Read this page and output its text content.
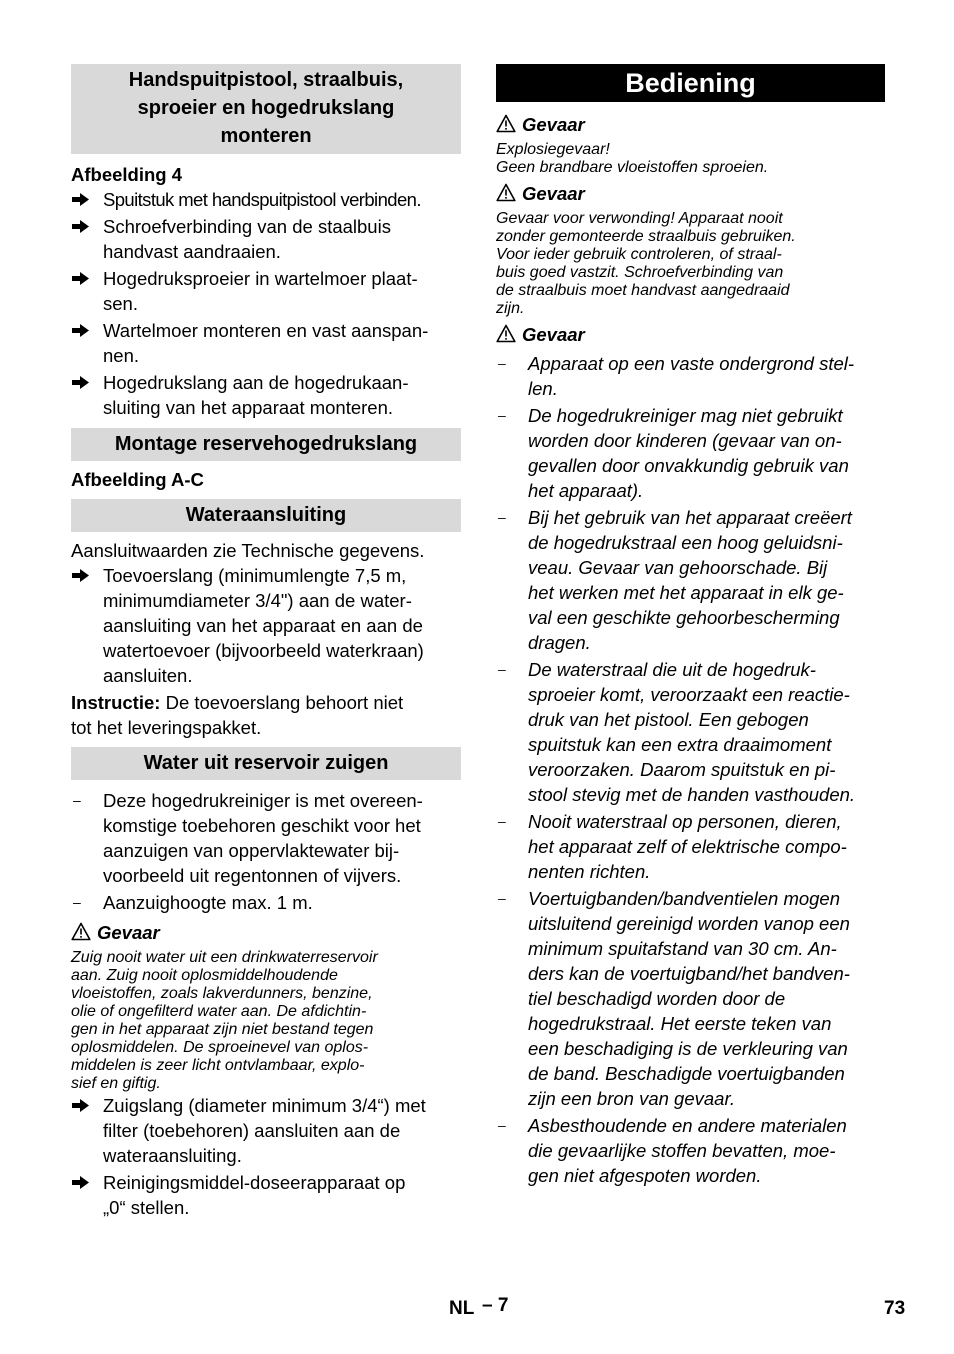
Handspuitpistool, straalbuis,
sproeier en hogedrukslang
monteren
Afbeelding 4
Spuitstuk met handspuitpistool verbinden.
Schroefverbinding van de staalbuis
handvast aandraaien.
Hogedruksproeier in wartelmoer plaat-
sen.
Wartelmoer monteren en vast aanspan-
nen.
Hogedrukslang aan de hogedrukaan-
sluiting van het apparaat monteren.
Montage reservehogedrukslang
Afbeelding A-C
Wateraansluiting

Aansluitwaarden zie Technische gegevens.

Toevoerslang (minimumlengte 7,5 m,
minimumdiameter 3/4") aan de water-
aansluiting van het apparaat en aan de
watertoevoer (bijvoorbeeld waterkraan)
aansluiten.

Instructie: De toevoerslang behoort niet

tot het leveringspakket.

Water uit reservoir zuigen
–	Deze hogedrukreiniger is met overeen-
komstige toebehoren geschikt voor het
aanzuigen van oppervlaktewater bij-
voorbeeld uit regentonnen of vijvers.
–	Aanzuighoogte max. 1 m.
Gevaar
Zuig nooit water uit een drinkwaterreservoir
aan. Zuig nooit oplosmiddelhoudende
vloeistoffen, zoals lakverdunners, benzine,
olie of ongefilterd water aan. De afdichtin-
gen in het apparaat zijn niet bestand tegen
oplosmiddelen. De sproeinevel van oplos-
middelen is zeer licht ontvlambaar, explo-
sief en giftig.
Zuigslang (diameter minimum 3/4“) met
filter (toebehoren) aansluiten aan de
wateraansluiting.
Reinigingsmiddel-doseerapparaat op
„0“ stellen.
Bediening
Gevaar
Explosiegevaar!
Geen brandbare vloeistoffen sproeien.
Gevaar
Gevaar voor verwonding! Apparaat nooit
zonder gemonteerde straalbuis gebruiken.
Voor ieder gebruik controleren, of straal-
buis goed vastzit. Schroefverbinding van
de straalbuis moet handvast aangedraaid
zijn.
Gevaar
–	Apparaat op een vaste ondergrond stel-
len.
–	De hogedrukreiniger mag niet gebruikt
worden door kinderen (gevaar van on-
gevallen door onvakkundig gebruik van
het apparaat).
–	Bij het gebruik van het apparaat creëert
de hogedrukstraal een hoog geluidsni-
veau. Gevaar van gehoorschade. Bij
het werken met het apparaat in elk ge-
val een geschikte gehoorbescherming
dragen.
–	De waterstraal die uit de hogedruk-
sproeier komt, veroorzaakt een reactie-
druk van het pistool. Een gebogen
spuitstuk kan een extra draaimoment
veroorzaken. Daarom spuitstuk en pi-
stool stevig met de handen vasthouden.
–	Nooit waterstraal op personen, dieren,
het apparaat zelf of elektrische compo-
nenten richten.
–	Voertuigbanden/bandventielen mogen
uitsluitend gereinigd worden vanop een
minimum spuitafstand van 30 cm. An-
ders kan de voertuigband/het bandven-
tiel beschadigd worden door de
hogedrukstraal. Het eerste teken van
een beschadiging is de verkleuring van
de band. Beschadigde voertuigbanden
zijn een bron van gevaar.
–	Asbesthoudende en andere materialen
die gevaarlijke stoffen bevatten, moe-
gen niet afgespoten worden.
NL – 7	73
